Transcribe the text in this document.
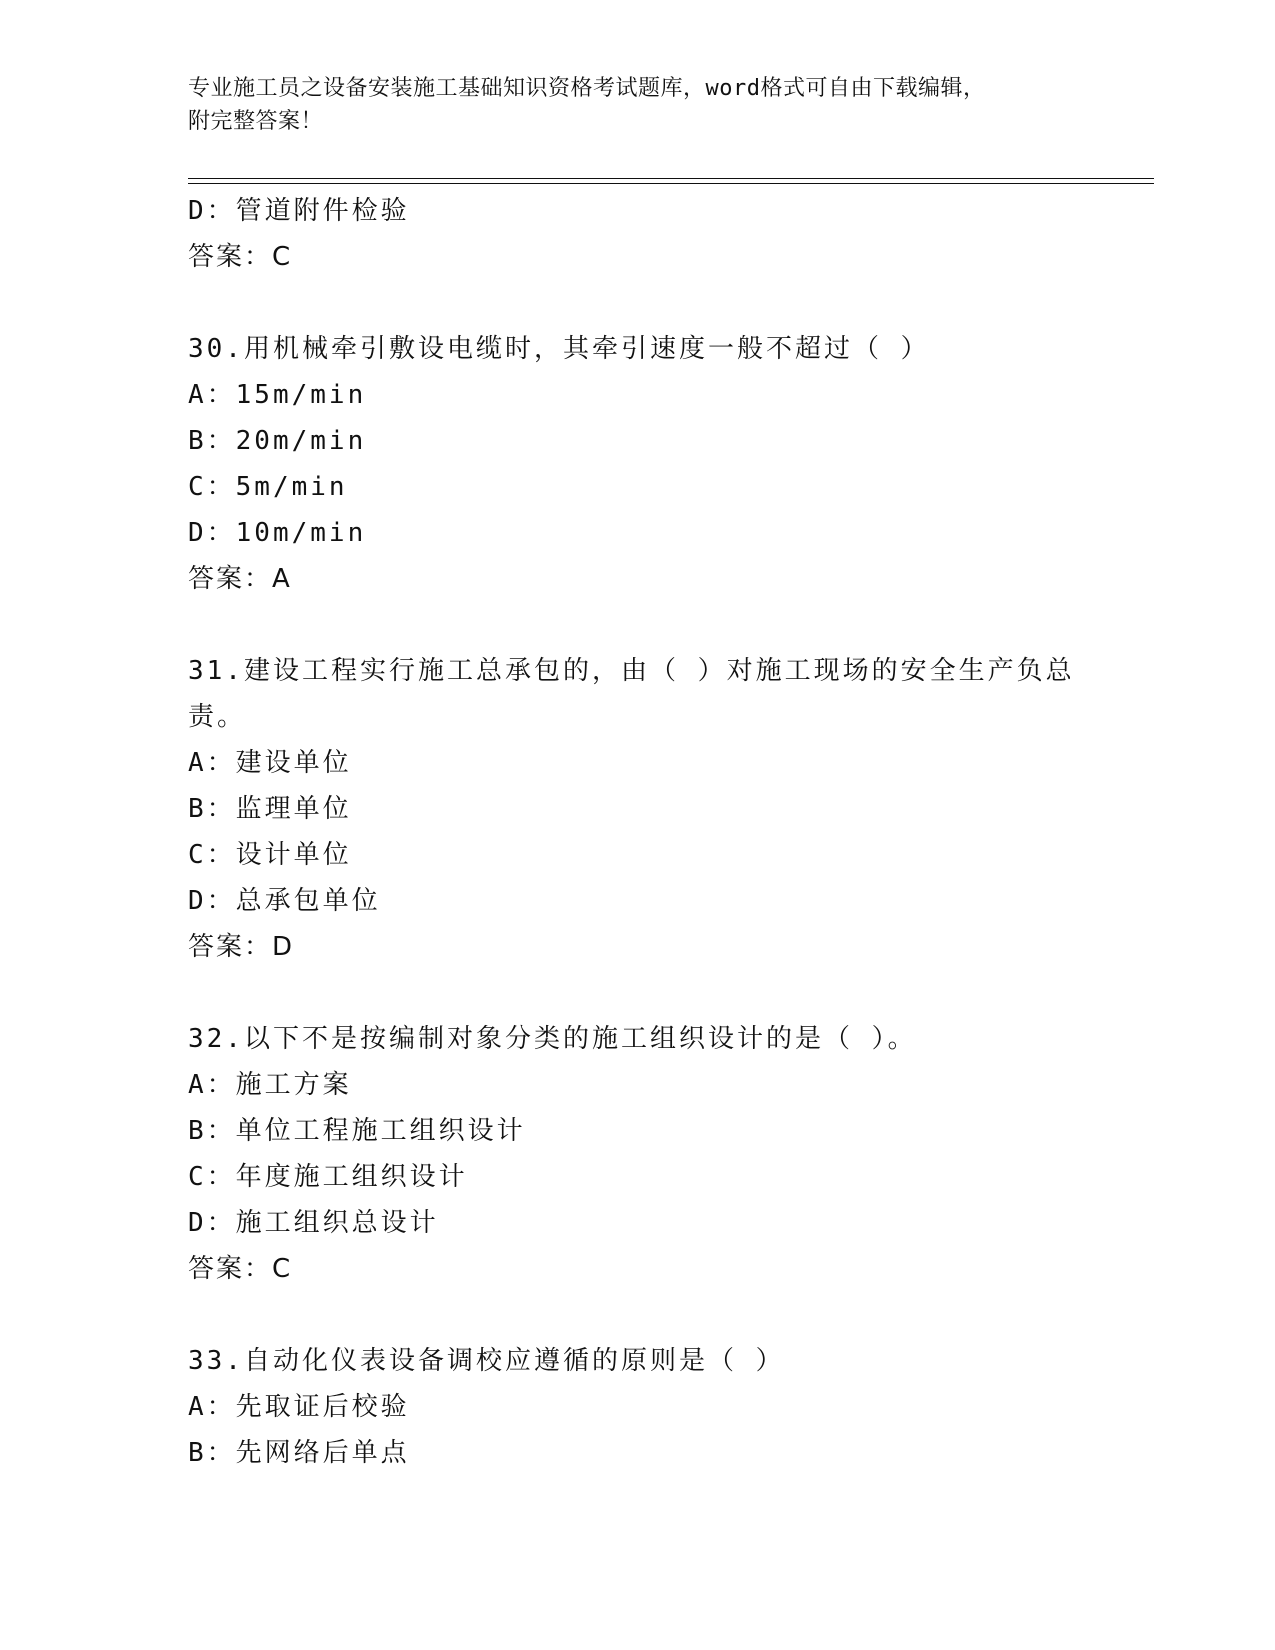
专业施工员之设备安装施工基础知识资格考试题库，word格式可自由下载编辑，
附完整答案！
D：管道附件检验
答案：C
30.用机械牵引敷设电缆时，其牵引速度一般不超过（ ）
A：15m/min
B：20m/min
C：5m/min
D：10m/min
答案：A
31.建设工程实行施工总承包的，由（ ）对施工现场的安全生产负总
责。
A：建设单位
B：监理单位
C：设计单位
D：总承包单位
答案：D
32.以下不是按编制对象分类的施工组织设计的是（ ）。
A：施工方案
B：单位工程施工组织设计
C：年度施工组织设计
D：施工组织总设计
答案：C
33.自动化仪表设备调校应遵循的原则是（ ）
A：先取证后校验
B：先网络后单点
